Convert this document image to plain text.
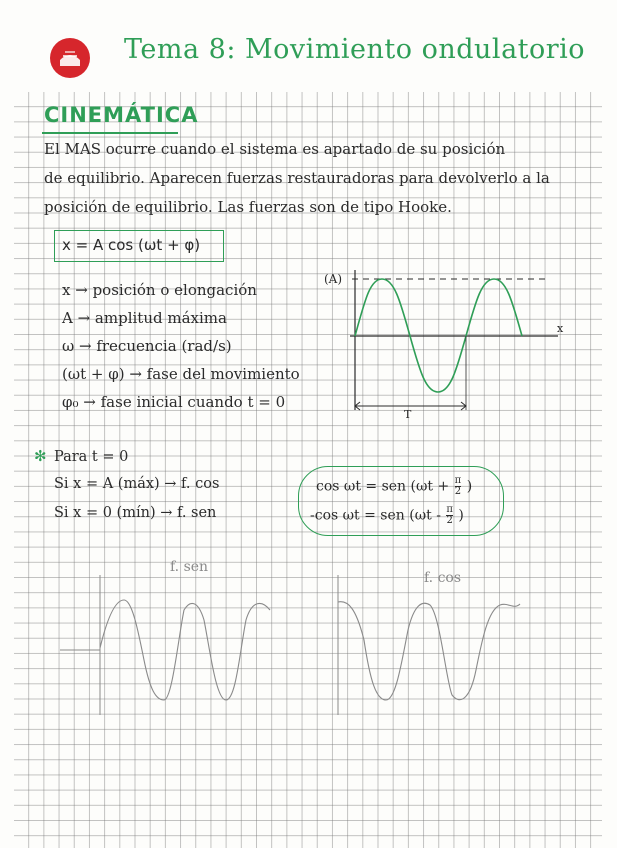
Tema 8: Movimiento ondulatorio
CINEMÁTICA
El MAS ocurre cuando el sistema es apartado de su posición
de equilibrio. Aparecen fuerzas restauradoras para devolverlo a la
posición de equilibrio. Las fuerzas son de tipo Hooke.
x = A cos (ωt + φ)
x → posición o elongación
A → amplitud máxima
ω → frecuencia (rad/s)
(ωt + φ) → fase del movimiento
φ₀ → fase inicial cuando t = 0
(A)
x
T
✻ Para t = 0
Si x = A (máx) → f. cos
Si x = 0 (mín) → f. sen
cos ωt = sen ($\omega t + \frac{\pi}{2}$ )
-cos ωt = sen ($\omega t - \frac{\pi}{2}$ )
f. sen
f. cos
